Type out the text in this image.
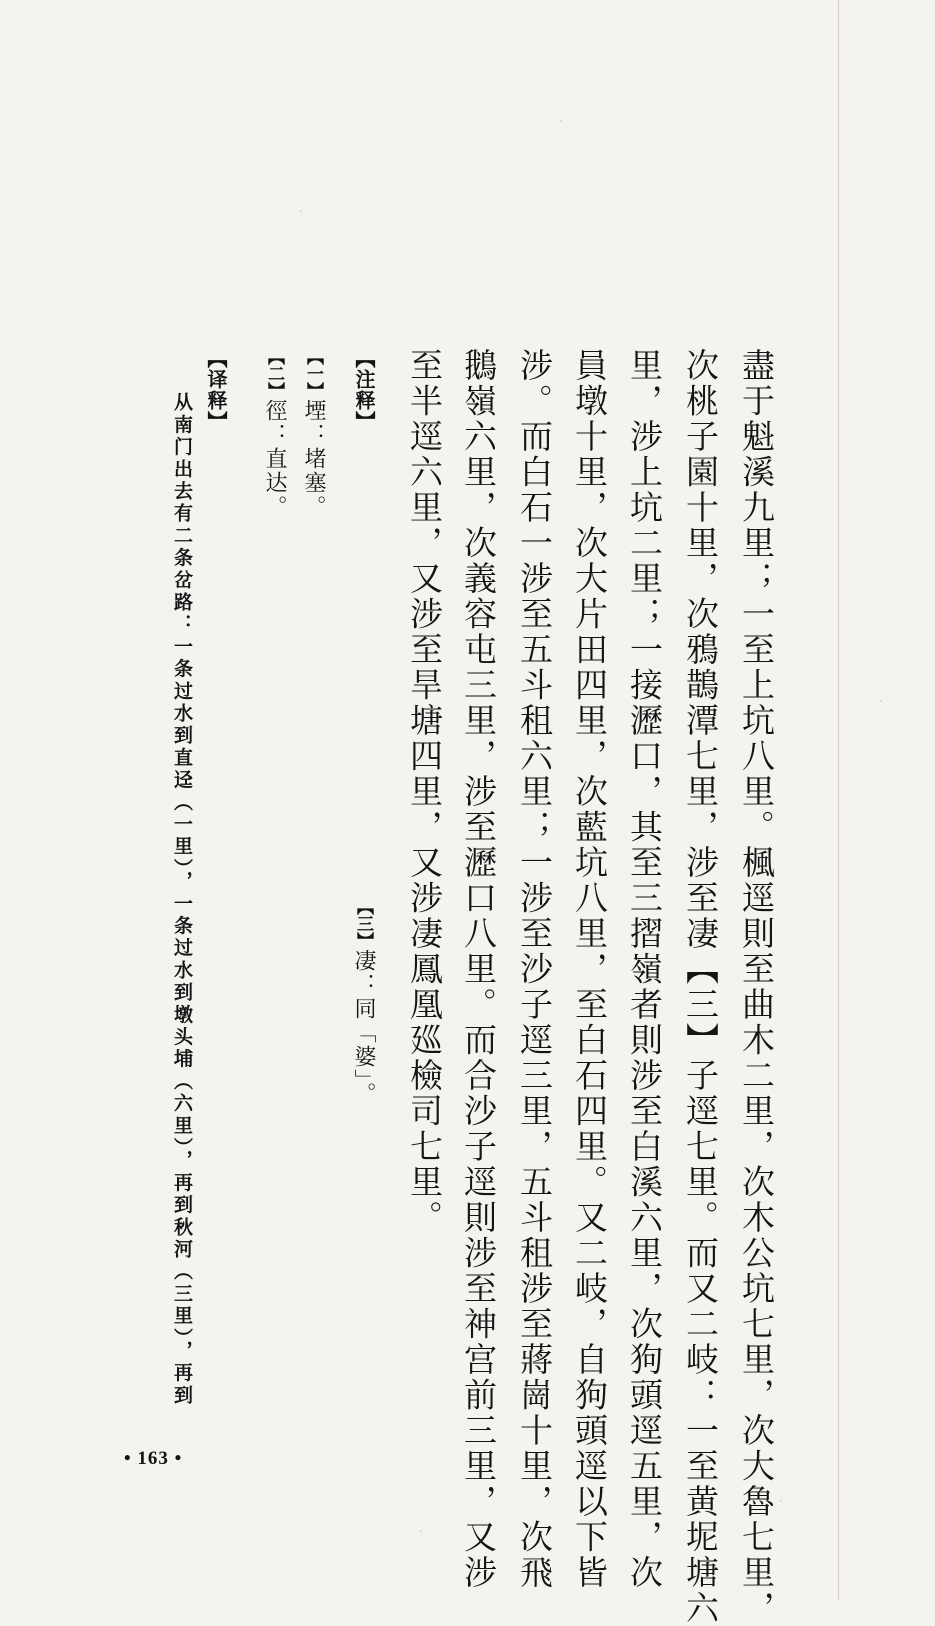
盡于魁溪九里；一至上坑八里。楓逕則至曲木二里，次木公坑七里，次大魯七里，
次桃子園十里，次鴉鵲潭七里，涉至凄【三】子逕七里。而又二岐：一至黄坭塘六
里，涉上坑二里；一接瀝口，其至三摺嶺者則涉至白溪六里，次狗頭逕五里，次
員墩十里，次大片田四里，次藍坑八里，至白石四里。又二岐，自狗頭逕以下皆
涉。而白石一涉至五斗租六里；一涉至沙子逕三里，五斗租涉至蔣崗十里，次飛
鵝嶺六里，次義容屯三里，涉至瀝口八里。而合沙子逕則涉至神宫前三里，又涉
至半逕六里，又涉至旱塘四里，又涉凄鳳凰廵檢司七里。
【注释】
【三】凄：同「婆」。
【一】堙：堵塞。
【二】徑：直达。
【译释】
从南门出去有二条岔路：一条过水到直迳（一里），一条过水到墩头埔（六里），再到秋河（三里），再到
• 163 •
